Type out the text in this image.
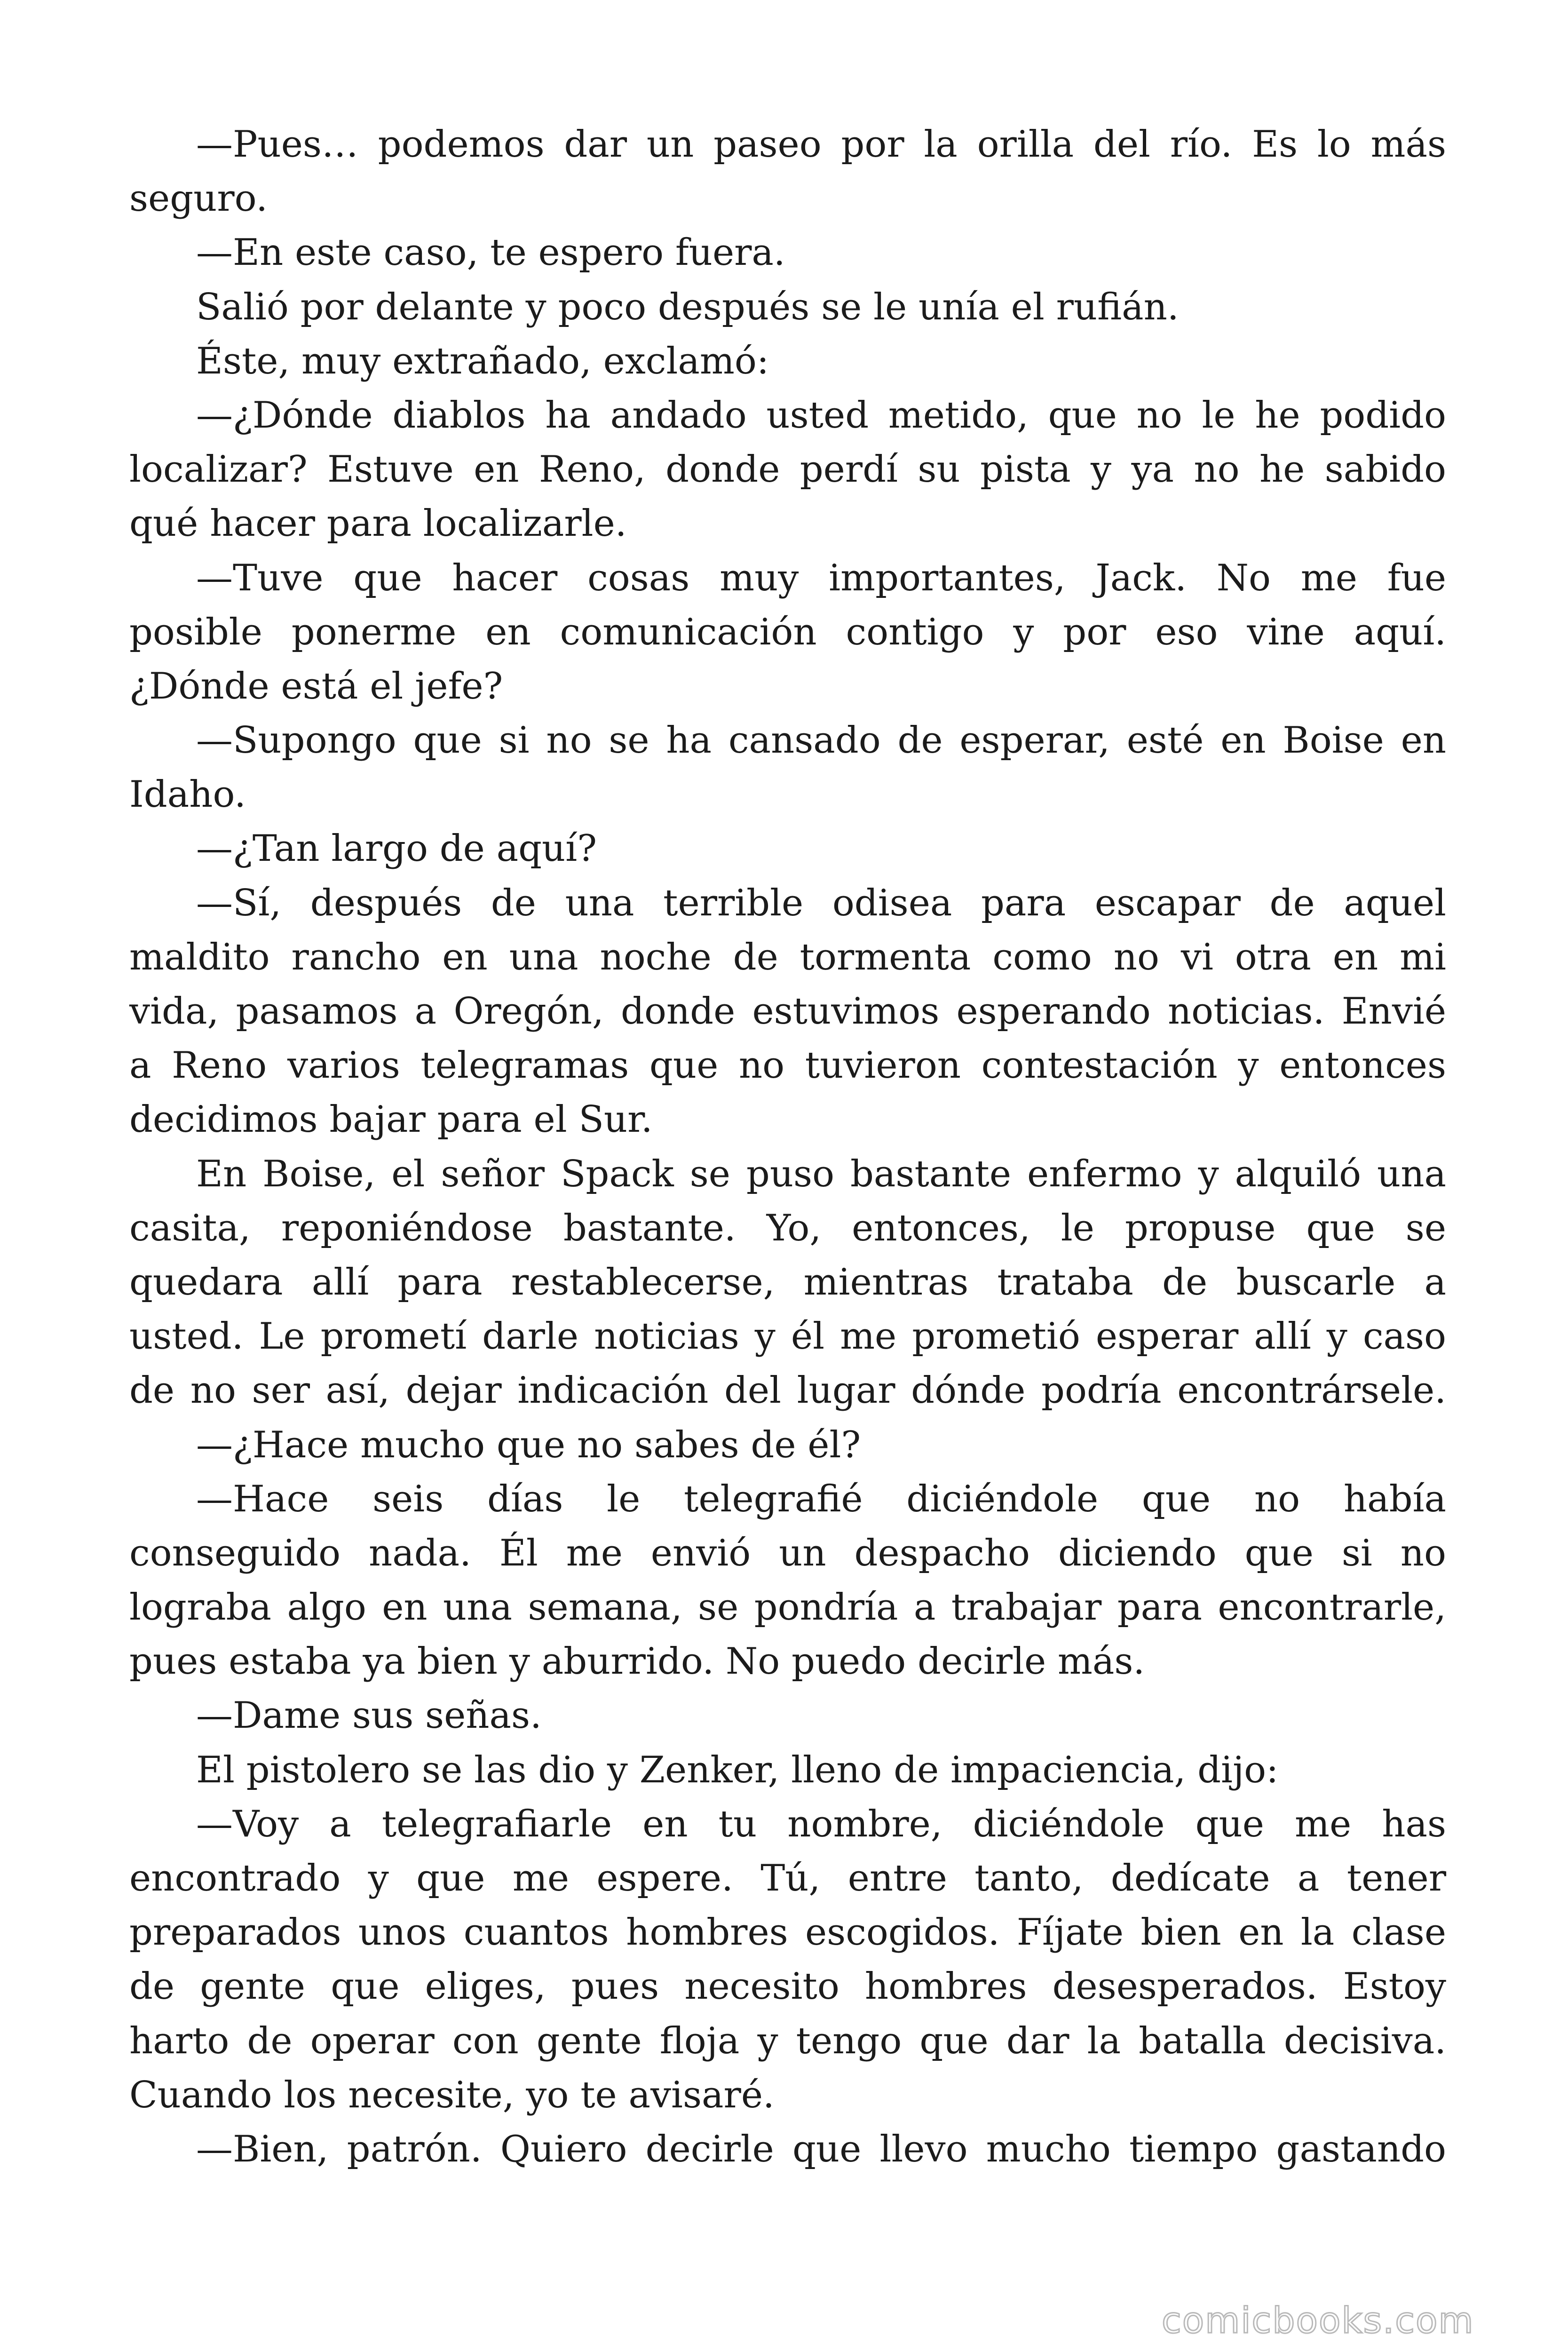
—Pues… podemos dar un paseo por la orilla del río. Es lo más
seguro.
—En este caso, te espero fuera.
Salió por delante y poco después se le unía el rufián.
Éste, muy extrañado, exclamó:
—¿Dónde diablos ha andado usted metido, que no le he podido
localizar? Estuve en Reno, donde perdí su pista y ya no he sabido
qué hacer para localizarle.
—Tuve que hacer cosas muy importantes, Jack. No me fue
posible ponerme en comunicación contigo y por eso vine aquí.
¿Dónde está el jefe?
—Supongo que si no se ha cansado de esperar, esté en Boise en
Idaho.
—¿Tan largo de aquí?
—Sí, después de una terrible odisea para escapar de aquel
maldito rancho en una noche de tormenta como no vi otra en mi
vida, pasamos a Oregón, donde estuvimos esperando noticias. Envié
a Reno varios telegramas que no tuvieron contestación y entonces
decidimos bajar para el Sur.
En Boise, el señor Spack se puso bastante enfermo y alquiló una
casita, reponiéndose bastante. Yo, entonces, le propuse que se
quedara allí para restablecerse, mientras trataba de buscarle a
usted. Le prometí darle noticias y él me prometió esperar allí y caso
de no ser así, dejar indicación del lugar dónde podría encontrársele.
—¿Hace mucho que no sabes de él?
—Hace seis días le telegrafié diciéndole que no había
conseguido nada. Él me envió un despacho diciendo que si no
lograba algo en una semana, se pondría a trabajar para encontrarle,
pues estaba ya bien y aburrido. No puedo decirle más.
—Dame sus señas.
El pistolero se las dio y Zenker, lleno de impaciencia, dijo:
—Voy a telegrafiarle en tu nombre, diciéndole que me has
encontrado y que me espere. Tú, entre tanto, dedícate a tener
preparados unos cuantos hombres escogidos. Fíjate bien en la clase
de gente que eliges, pues necesito hombres desesperados. Estoy
harto de operar con gente floja y tengo que dar la batalla decisiva.
Cuando los necesite, yo te avisaré.
—Bien, patrón. Quiero decirle que llevo mucho tiempo gastando
comicbooks.com
